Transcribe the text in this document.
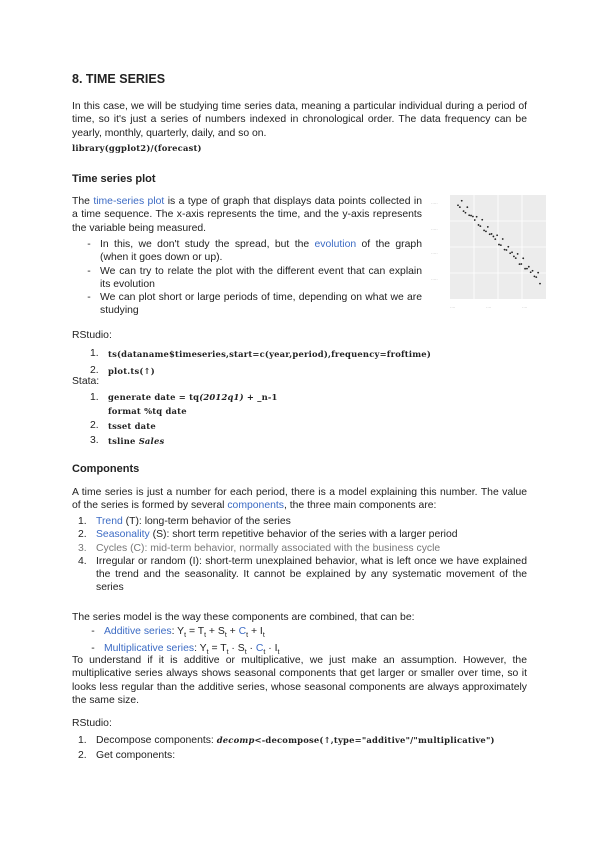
8. TIME SERIES
In this case, we will be studying time series data, meaning a particular individual during a period of time, so it's just a series of numbers indexed in chronological order. The data frequency can be yearly, monthly, quarterly, daily, and so on.
library(ggplot2)/(forecast)
Time series plot
The time-series plot is a type of graph that displays data points collected in a time sequence. The x-axis represents the time, and the y-axis represents the variable being measured.
- In this, we don't study the spread, but the evolution of the graph (when it goes down or up).
- We can try to relate the plot with the different event that can explain its evolution
- We can plot short or large periods of time, depending on what we are studying
·····
·····
·····
·····
····	····	····
RStudio:
1.	ts(dataname$timeseries,start=c(year,period),frequency=froftime)
2.	plot.ts(↑)
Stata:
1.	generate date = tq(2012q1) + _n-1
format %tq date
2.	tsset date
3.	tsline Sales
Components
A time series is just a number for each period, there is a model explaining this number. The value of the series is formed by several components, the three main components are:
1. Trend (T): long-term behavior of the series
2. Seasonality (S): short term repetitive behavior of the series with a larger period
3. Cycles (C): mid-term behavior, normally associated with the business cycle
4. Irregular or random (I): short-term unexplained behavior, what is left once we have explained the trend and the seasonality. It cannot be explained by any systematic movement of the series
The series model is the way these components are combined, that can be:
- Additive series: $Y_t = T_t + S_t + C_t + I_t$
- Multiplicative series: $Y_t = T_t \cdot S_t \cdot C_t \cdot I_t$
To understand if it is additive or multiplicative, we just make an assumption. However, the multiplicative series always shows seasonal components that get larger or smaller over time, so it looks less regular than the additive series, whose seasonal components are always approximately the same size.
RStudio:
1. Decompose components: decomp<-decompose(↑,type="additive"/"multiplicative")
2. Get components:
